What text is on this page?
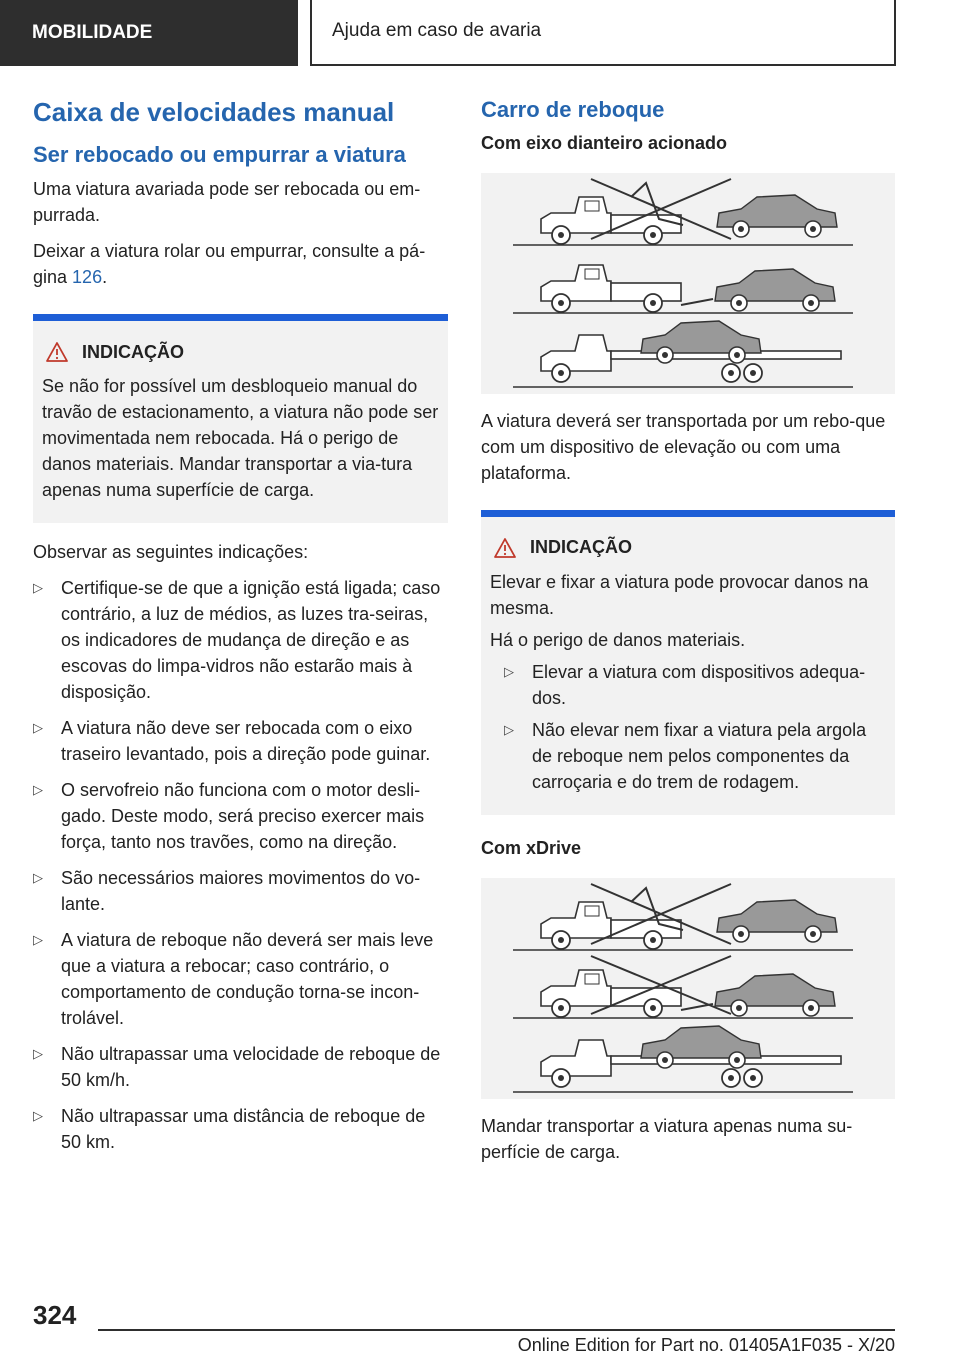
MOBILIDADE	Ajuda em caso de avaria
Caixa de velocidades manual
Ser rebocado ou empurrar a viatura

Uma viatura avariada pode ser rebocada ou em-purrada.

Deixar a viatura rolar ou empurrar, consulte a pá-gina 126.

INDICAÇÃO

Se não for possível um desbloqueio manual do travão de estacionamento, a viatura não pode ser movimentada nem rebocada. Há o perigo de danos materiais. Mandar transportar a via-tura apenas numa superfície de carga.

Observar as seguintes indicações:

▷ Certifique-se de que a ignição está ligada; caso contrário, a luz de médios, as luzes tra-seiras, os indicadores de mudança de direção e as escovas do limpa-vidros não estarão mais à disposição.
▷ A viatura não deve ser rebocada com o eixo traseiro levantado, pois a direção pode guinar.
▷ O servofreio não funciona com o motor desli-gado. Deste modo, será preciso exercer mais força, tanto nos travões, como na direção.
▷ São necessários maiores movimentos do vo-lante.
▷ A viatura de reboque não deverá ser mais leve que a viatura a rebocar; caso contrário, o comportamento de condução torna-se incon-trolável.
▷ Não ultrapassar uma velocidade de reboque de 50 km/h.
▷ Não ultrapassar uma distância de reboque de 50 km.
Carro de reboque
Com eixo dianteiro acionado

A viatura deverá ser transportada por um rebo-que com um dispositivo de elevação ou com uma plataforma.

INDICAÇÃO

Elevar e fixar a viatura pode provocar danos na mesma.

Há o perigo de danos materiais.

▷ Elevar a viatura com dispositivos adequa-dos.
▷ Não elevar nem fixar a viatura pela argola de reboque nem pelos componentes da carroçaria e do trem de rodagem.
Com xDrive

Mandar transportar a viatura apenas numa su-perfície de carga.

324
Online Edition for Part no. 01405A1F035 - X/20
